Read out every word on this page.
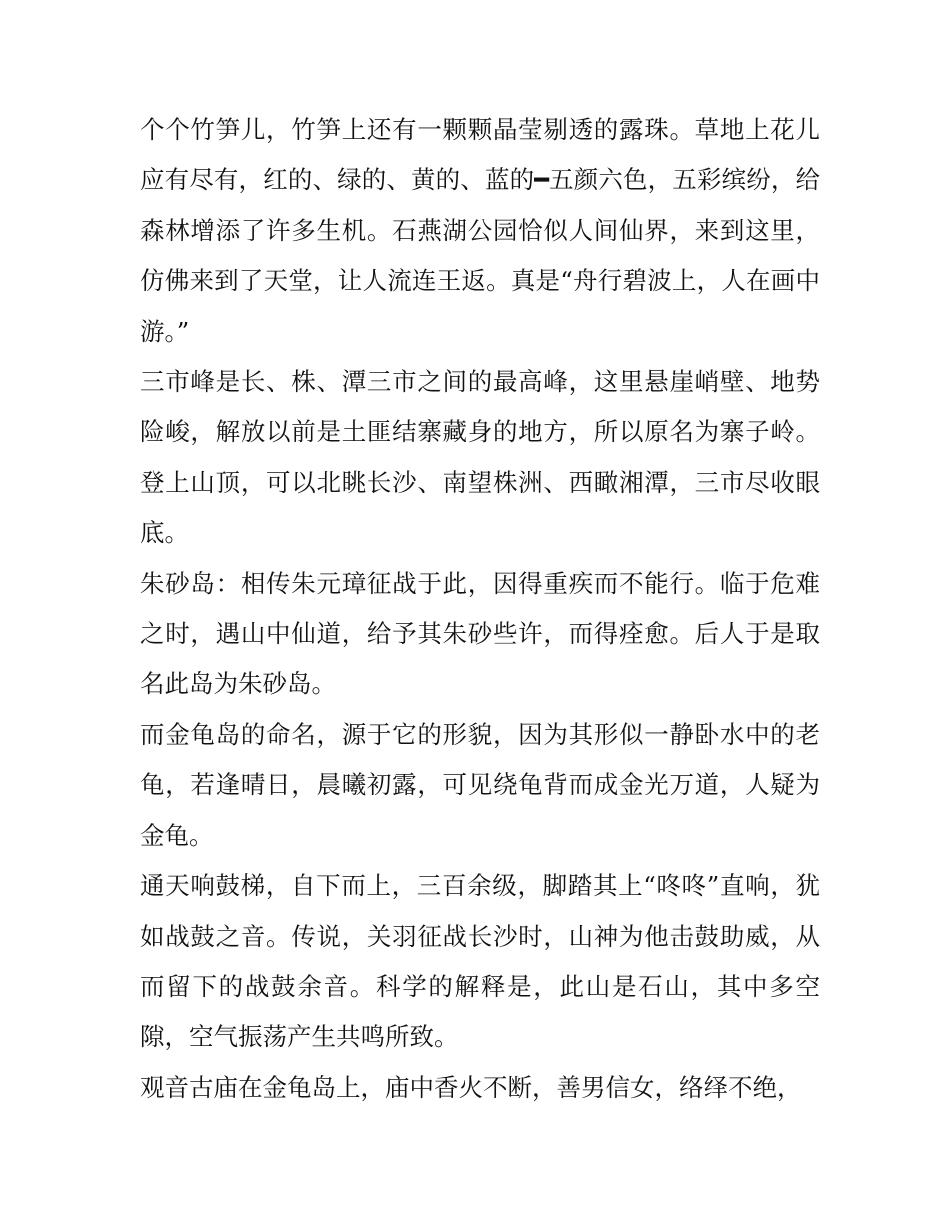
个个竹笋儿，竹笋上还有一颗颗晶莹剔透的露珠。草地上花儿应有尽有，红的、绿的、黄的、蓝的━五颜六色，五彩缤纷，给森林增添了许多生机。石燕湖公园恰似人间仙界，来到这里，仿佛来到了天堂，让人流连王返。真是“舟行碧波上，人在画中游。”

三市峰是长、株、潭三市之间的最高峰，这里悬崖峭壁、地势险峻，解放以前是土匪结寨藏身的地方，所以原名为寨子岭。登上山顶，可以北眺长沙、南望株洲、西瞰湘潭，三市尽收眼底。

朱砂岛：相传朱元璋征战于此，因得重疾而不能行。临于危难之时，遇山中仙道，给予其朱砂些许，而得痊愈。后人于是取名此岛为朱砂岛。

而金龟岛的命名，源于它的形貌，因为其形似一静卧水中的老龟，若逢晴日，晨曦初露，可见绕龟背而成金光万道，人疑为金龟。

通天响鼓梯，自下而上，三百余级，脚踏其上“咚咚”直响，犹如战鼓之音。传说，关羽征战长沙时，山神为他击鼓助威，从而留下的战鼓余音。科学的解释是，此山是石山，其中多空隙，空气振荡产生共鸣所致。

观音古庙在金龟岛上，庙中香火不断，善男信女，络绎不绝，
